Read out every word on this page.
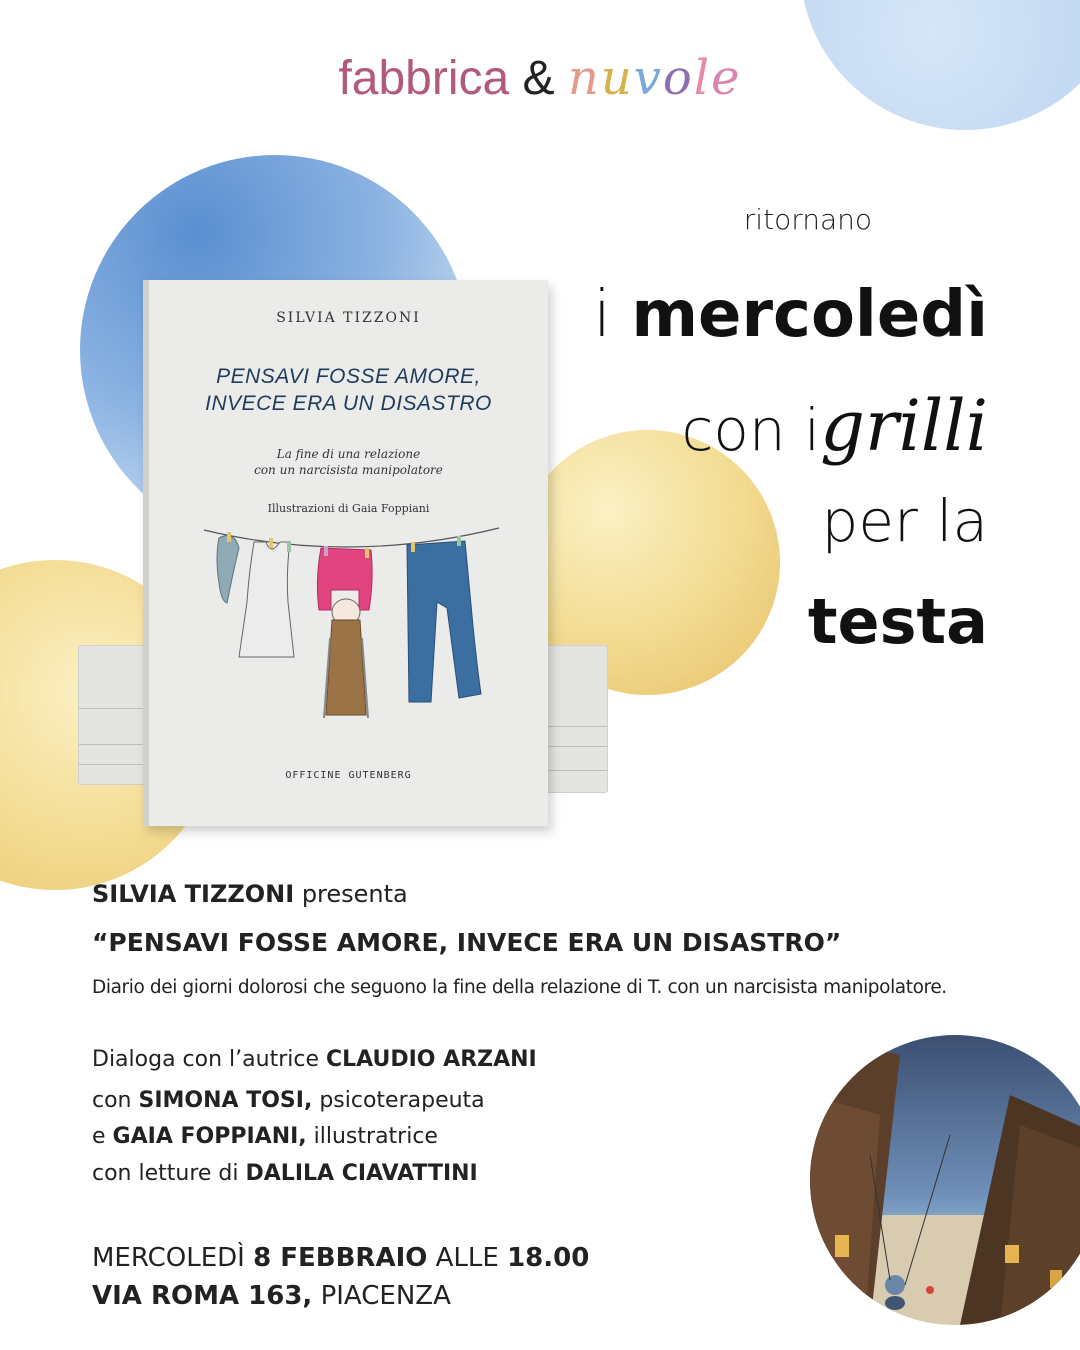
fabbrica & nuvole
ritornano
i mercoledì
con igrilli
per la
testa
SILVIA TIZZONI
PENSAVI FOSSE AMORE,
INVECE ERA UN DISASTRO
La fine di una relazione
con un narcisista manipolatore
Illustrazioni di Gaia Foppiani
OFFICINE GUTENBERG
SILVIA TIZZONI presenta
“PENSAVI FOSSE AMORE, INVECE ERA UN DISASTRO”
Diario dei giorni dolorosi che seguono la fine della relazione di T. con un narcisista manipolatore.
Dialoga con l’autrice CLAUDIO ARZANI
con SIMONA TOSI, psicoterapeuta
e GAIA FOPPIANI, illustratrice
con letture di DALILA CIAVATTINI
MERCOLEDÌ 8 FEBBRAIO ALLE 18.00
VIA ROMA 163, PIACENZA
